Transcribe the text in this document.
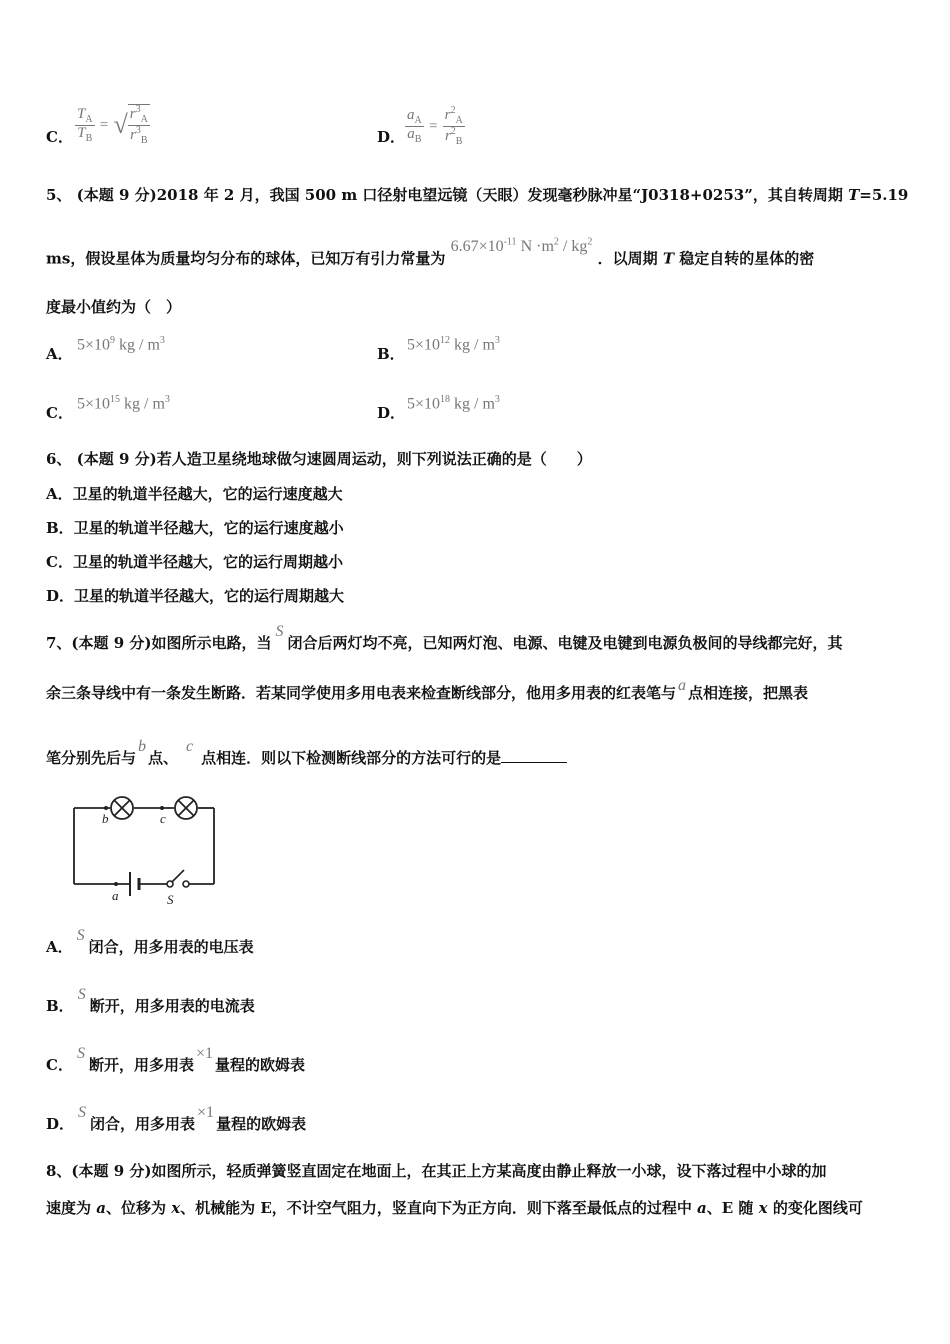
C． $\frac{T_A}{T_B}$ = √ $\frac{r^3_A}{r^3_B}$	D． $\frac{a_A}{a_B} = \frac{r^2_A}{r^2_B}$
5、 (本题 9 分)2018 年 2 月，我国 500 m 口径射电望远镜（天眼）发现毫秒脉冲星“J0318+0253”，其自转周期 T=5.19
ms，假设星体为质量均匀分布的球体，已知万有引力常量为 $6.67\times 10^{-11}$ $N \cdot m^2 / kg^2$ ．以周期 T 稳定自转的星体的密
度最小值约为（　）
A．
$5\times 10^9$ kg / $m^3$
B．
$5\times 10^{12}$ kg / $m^3$
C．
$5\times 10^{15}$ kg / $m^3$
D．
$5\times 10^{18}$ kg / $m^3$
6、 (本题 9 分)若人造卫星绕地球做匀速圆周运动，则下列说法正确的是（　　）
A．卫星的轨道半径越大，它的运行速度越大
B．卫星的轨道半径越大，它的运行速度越小
C．卫星的轨道半径越大，它的运行周期越小
D．卫星的轨道半径越大，它的运行周期越大
7、(本题 9 分)如图所示电路，当S闭合后两灯均不亮，已知两灯泡、电源、电键及电键到电源负极间的导线都完好，其
余三条导线中有一条发生断路．若某同学使用多用电表来检查断线部分，他用多用表的红表笔与 a 点相连接，把黑表
笔分别先后与b点、c点相连．则以下检测断线部分的方法可行的是
b	c
a	S
A．S闭合，用多用表的电压表
B．S断开，用多用表的电流表
C．S断开，用多用表×1量程的欧姆表
D．S闭合，用多用表×1量程的欧姆表
8、(本题 9 分)如图所示，轻质弹簧竖直固定在地面上，在其正上方某高度由静止释放一小球，设下落过程中小球的加
速度为 a、位移为 x、机械能为 E，不计空气阻力，竖直向下为正方向．则下落至最低点的过程中 a、E 随 x 的变化图线可
